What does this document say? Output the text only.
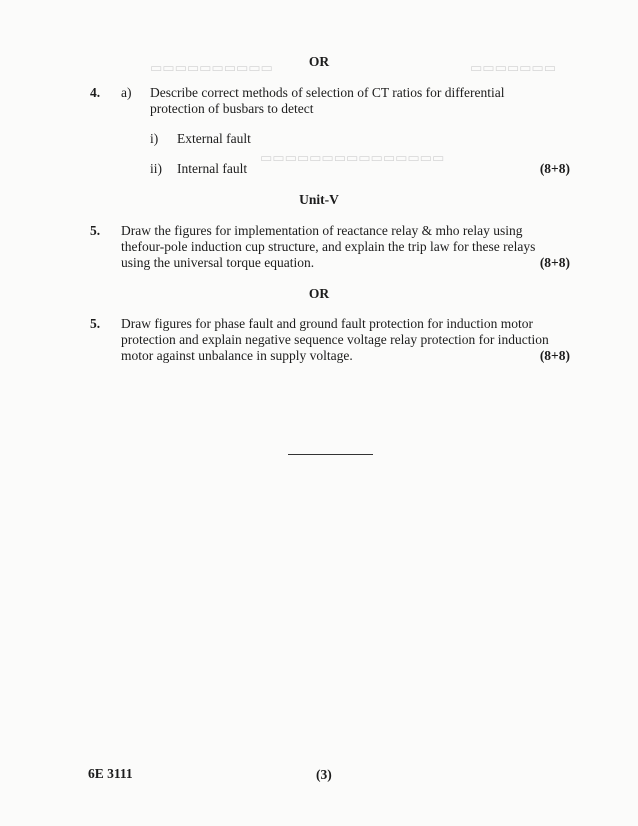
▭▭▭▭▭▭▭▭▭▭	▭▭▭▭▭▭▭
▭▭▭▭▭▭▭▭▭▭▭▭▭▭▭
OR
4. a) Describe correct methods of selection of CT ratios for differential
protection of busbars to detect
i) External fault
ii) Internal fault	(8+8)
Unit-V
5. Draw the figures for implementation of reactance relay & mho relay using
thefour-pole induction cup structure, and explain the trip law for these relays
using the universal torque equation.	(8+8)
OR
5. Draw figures for phase fault and ground fault protection for induction motor
protection and explain negative sequence voltage relay protection for induction
motor against unbalance in supply voltage.	(8+8)
6E 3111	(3)
